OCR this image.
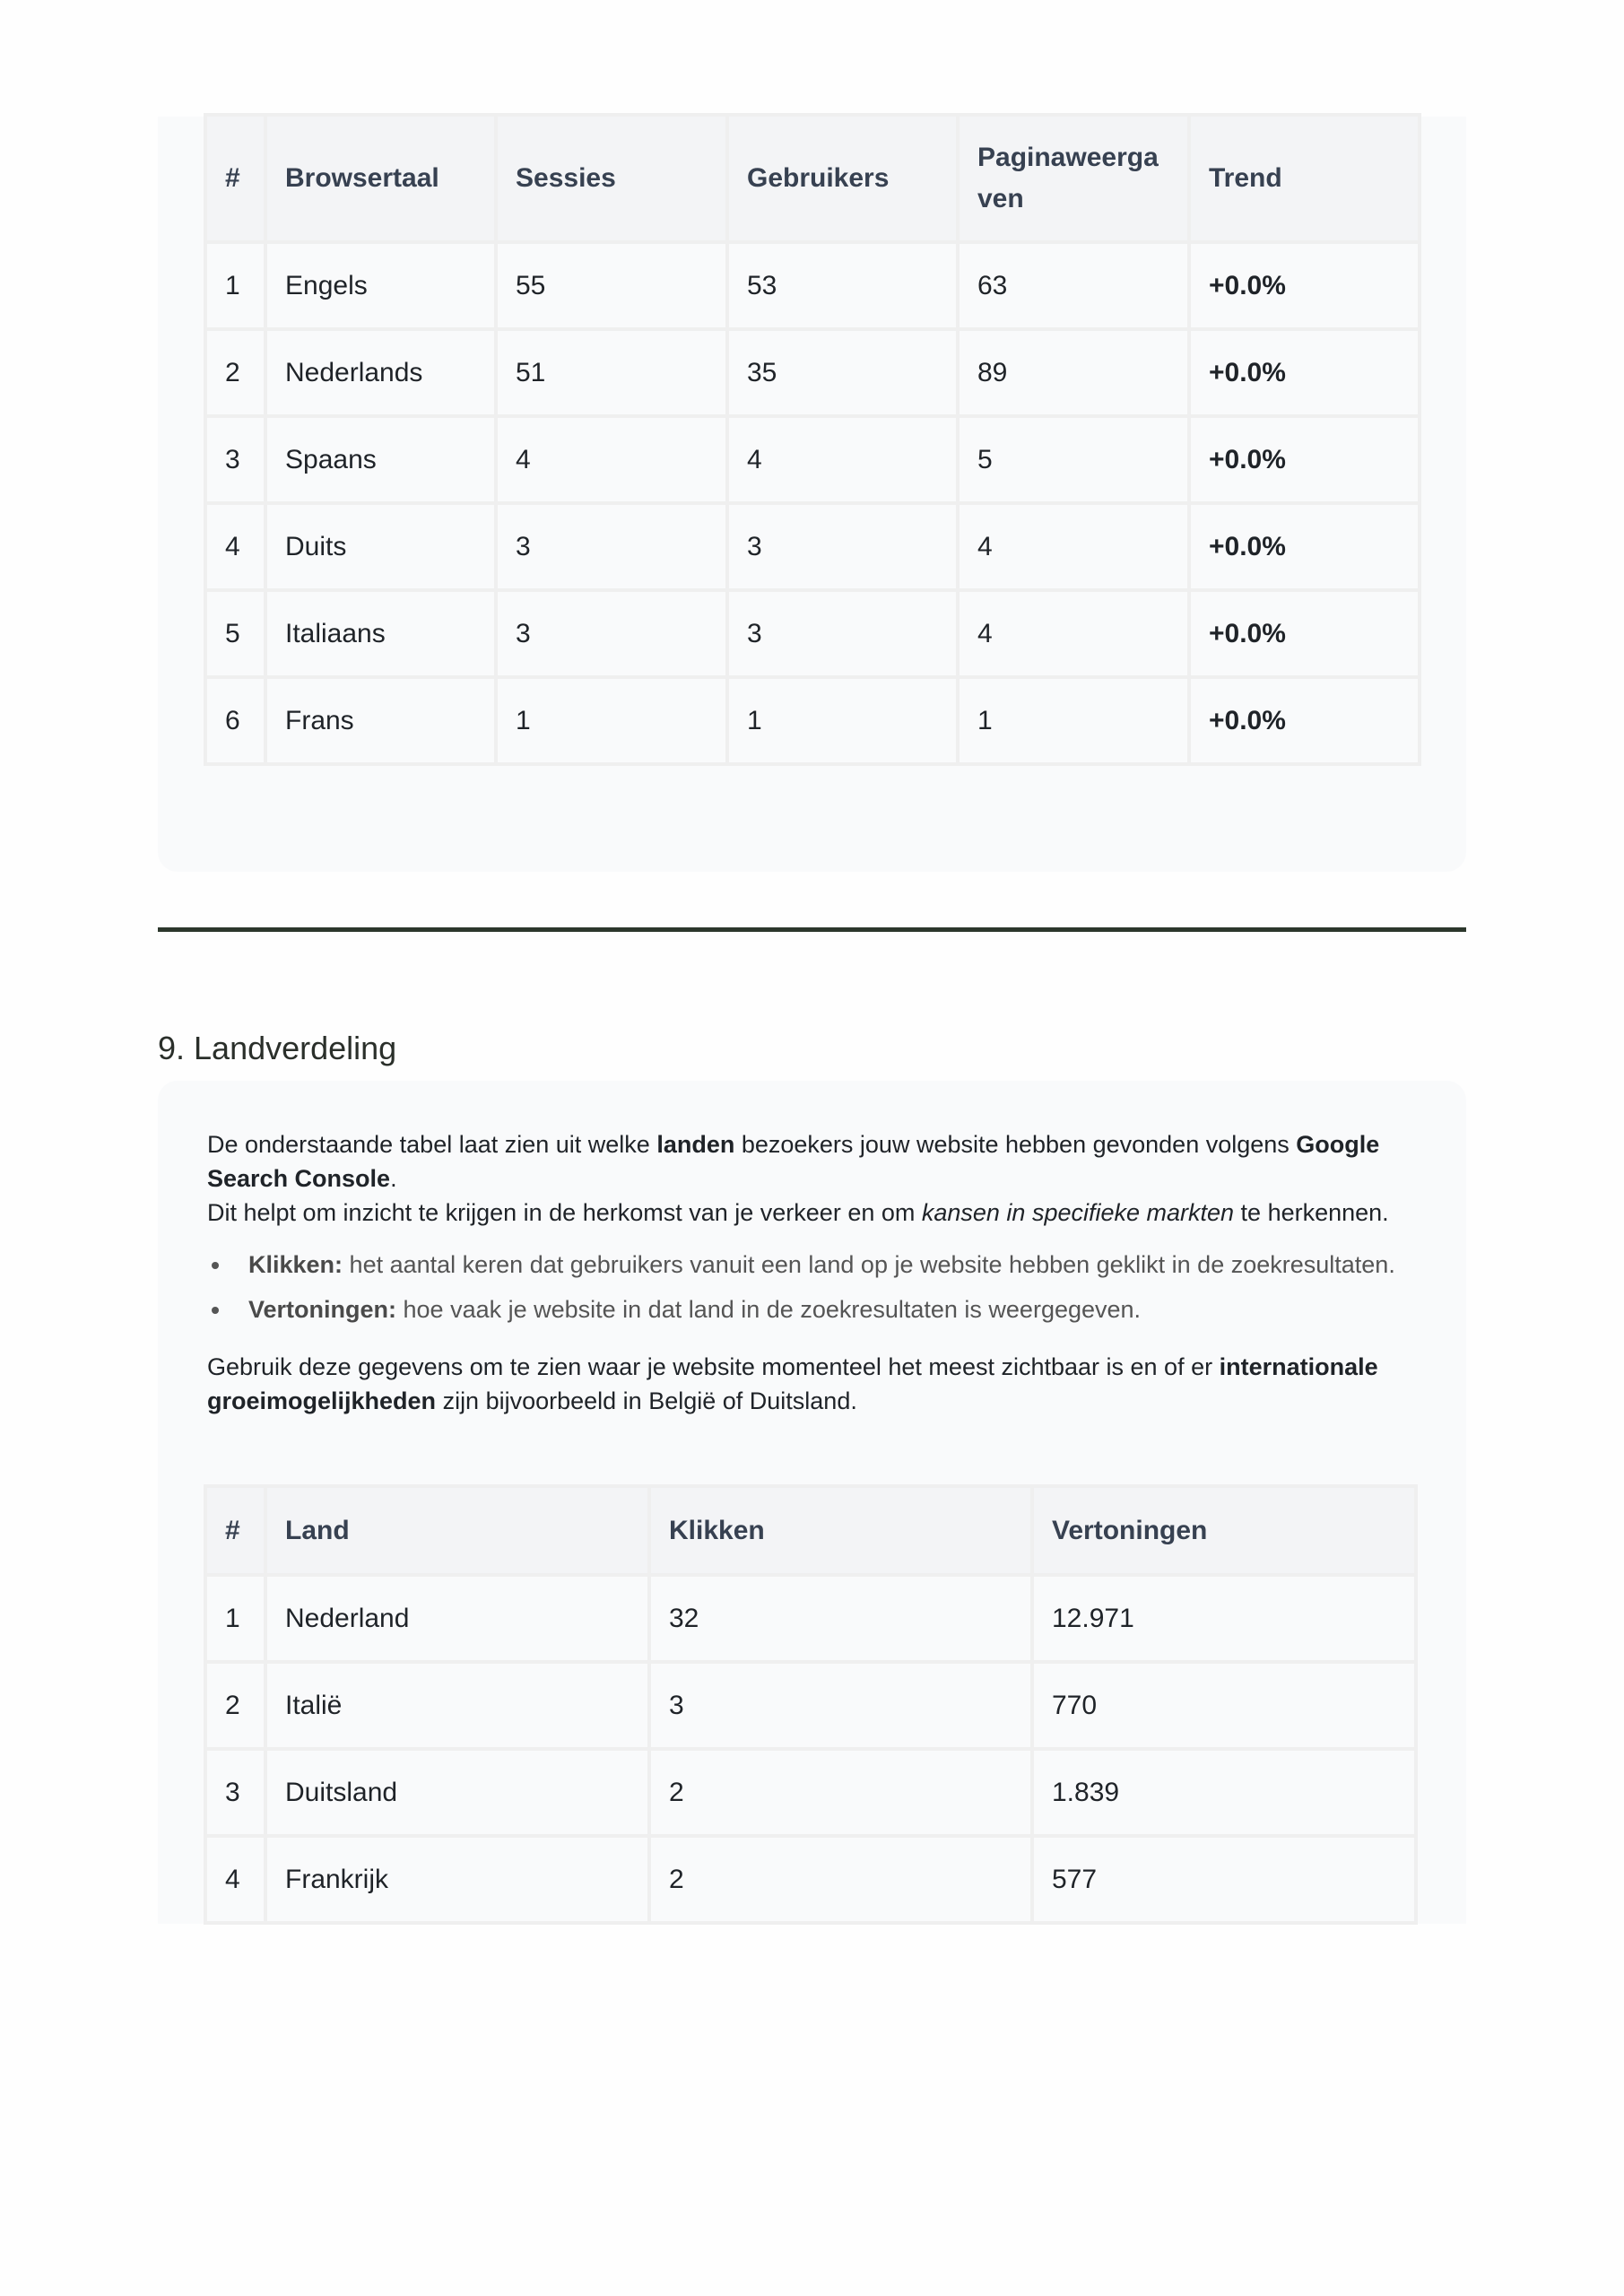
#	Browsertaal	Sessies	Gebruikers	Paginaweergaven	Trend
1	Engels	55	53	63	+0.0%
2	Nederlands	51	35	89	+0.0%
3	Spaans	4	4	5	+0.0%
4	Duits	3	3	4	+0.0%
5	Italiaans	3	3	4	+0.0%
6	Frans	1	1	1	+0.0%
9. Landverdeling

De onderstaande tabel laat zien uit welke landen bezoekers jouw website hebben gevonden volgens Google Search Console.
Dit helpt om inzicht te krijgen in de herkomst van je verkeer en om kansen in specifieke markten te herkennen.

• Klikken: het aantal keren dat gebruikers vanuit een land op je website hebben geklikt in de zoekresultaten.
• Vertoningen: hoe vaak je website in dat land in de zoekresultaten is weergegeven.

Gebruik deze gegevens om te zien waar je website momenteel het meest zichtbaar is en of er internationale groeimogelijkheden zijn bijvoorbeeld in België of Duitsland.

#	Land	Klikken	Vertoningen
1	Nederland	32	12.971
2	Italië	3	770
3	Duitsland	2	1.839
4	Frankrijk	2	577
